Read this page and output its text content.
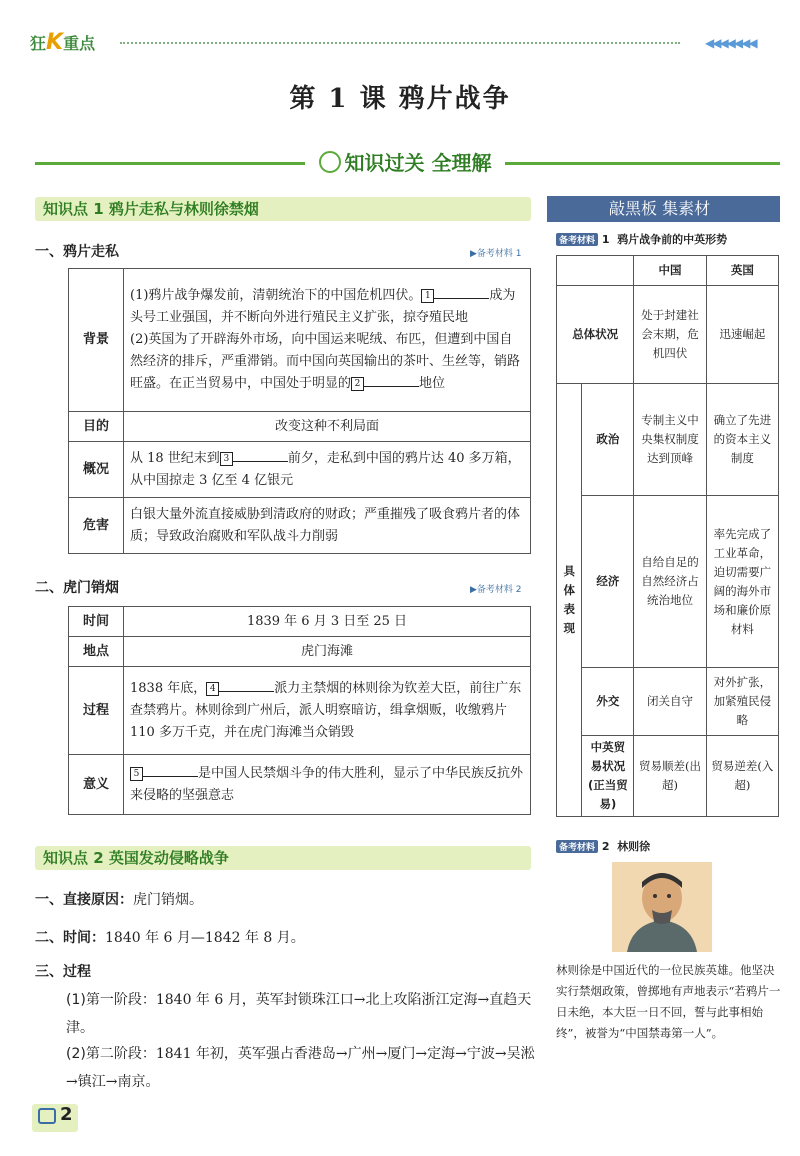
狂K重点	◀◀◀◀◀◀◀
第 1 课 鸦片战争
知识过关 全理解
知识点 1 鸦片走私与林则徐禁烟
一、鸦片走私	▶备考材料 1
背景	(1)鸦片战争爆发前，清朝统治下的中国危机四伏。 1 成为头号工业强国，并不断向外进行殖民主义扩张，掠夺殖民地
(2)英国为了开辟海外市场，向中国运来呢绒、布匹，但遭到中国自然经济的排斥，严重滞销。而中国向英国输出的茶叶、生丝等，销路旺盛。在正当贸易中，中国处于明显的 2 地位
目的	改变这种不利局面
概况	从 18 世纪末到 3 前夕，走私到中国的鸦片达 40 多万箱，从中国掠走 3 亿至 4 亿银元
危害	白银大量外流直接威胁到清政府的财政；严重摧残了吸食鸦片者的体质；导致政治腐败和军队战斗力削弱
二、虎门销烟	▶备考材料 2
时间	1839 年 6 月 3 日至 25 日
地点	虎门海滩
过程	1838 年底， 4 派力主禁烟的林则徐为钦差大臣，前往广东查禁鸦片。林则徐到广州后，派人明察暗访，缉拿烟贩，收缴鸦片 110 多万千克，并在虎门海滩当众销毁
意义	5 是中国人民禁烟斗争的伟大胜利，显示了中华民族反抗外来侵略的坚强意志
知识点 2 英国发动侵略战争
一、直接原因：虎门销烟。
二、时间：1840 年 6 月—1842 年 8 月。
三、过程
(1)第一阶段：1840 年 6 月，英军封锁珠江口→北上攻陷浙江定海→直趋天津。
(2)第二阶段：1841 年初，英军强占香港岛→广州→厦门→定海→宁波→吴淞→镇江→南京。
敲黑板 集素材
备考材料 1 鸦片战争前的中英形势
		中国	英国
总体状况		处于封建社会末期，危机四伏	迅速崛起
具体表现	政治	专制主义中央集权制度达到顶峰	确立了先进的资本主义制度
	经济	自给自足的自然经济占统治地位	率先完成了工业革命，迫切需要广阔的海外市场和廉价原材料
	外交	闭关自守	对外扩张，加紧殖民侵略
	中英贸易状况(正当贸易)	贸易顺差(出超)	贸易逆差(入超)
备考材料 2 林则徐
林则徐是中国近代的一位民族英雄。他坚决实行禁烟政策，曾掷地有声地表示“若鸦片一日未绝，本大臣一日不回，誓与此事相始终”，被誉为“中国禁毒第一人”。
2
